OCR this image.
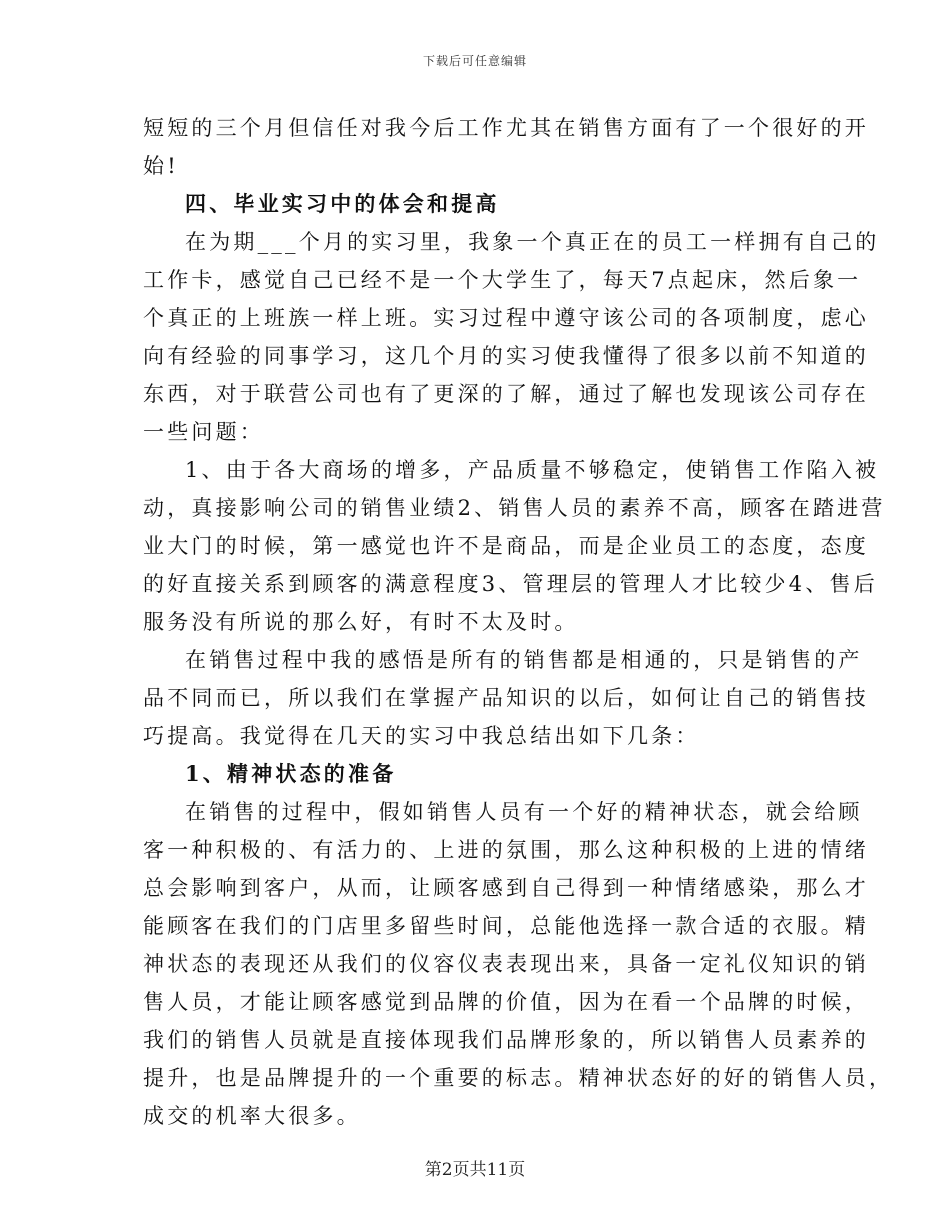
下载后可任意编辑
短短的三个月但信任对我今后工作尤其在销售方面有了一个很好的开
始!
四、毕业实习中的体会和提高
在为期___个月的实习里，我象一个真正在的员工一样拥有自己的
工作卡，感觉自己已经不是一个大学生了，每天7点起床，然后象一
个真正的上班族一样上班。实习过程中遵守该公司的各项制度，虑心
向有经验的同事学习，这几个月的实习使我懂得了很多以前不知道的
东西，对于联营公司也有了更深的了解，通过了解也发现该公司存在
一些问题：
1、由于各大商场的增多，产品质量不够稳定，使销售工作陷入被
动，真接影响公司的销售业绩2、销售人员的素养不高，顾客在踏进营
业大门的时候，第一感觉也许不是商品，而是企业员工的态度，态度
的好直接关系到顾客的满意程度3、管理层的管理人才比较少4、售后
服务没有所说的那么好，有时不太及时。
在销售过程中我的感悟是所有的销售都是相通的，只是销售的产
品不同而已，所以我们在掌握产品知识的以后，如何让自己的销售技
巧提高。我觉得在几天的实习中我总结出如下几条：
1、精神状态的准备
在销售的过程中，假如销售人员有一个好的精神状态，就会给顾
客一种积极的、有活力的、上进的氛围，那么这种积极的上进的情绪
总会影响到客户，从而，让顾客感到自己得到一种情绪感染，那么才
能顾客在我们的门店里多留些时间，总能他选择一款合适的衣服。精
神状态的表现还从我们的仪容仪表表现出来，具备一定礼仪知识的销
售人员，才能让顾客感觉到品牌的价值，因为在看一个品牌的时候，
我们的销售人员就是直接体现我们品牌形象的，所以销售人员素养的
提升，也是品牌提升的一个重要的标志。精神状态好的好的销售人员，
成交的机率大很多。
第2页共11页
